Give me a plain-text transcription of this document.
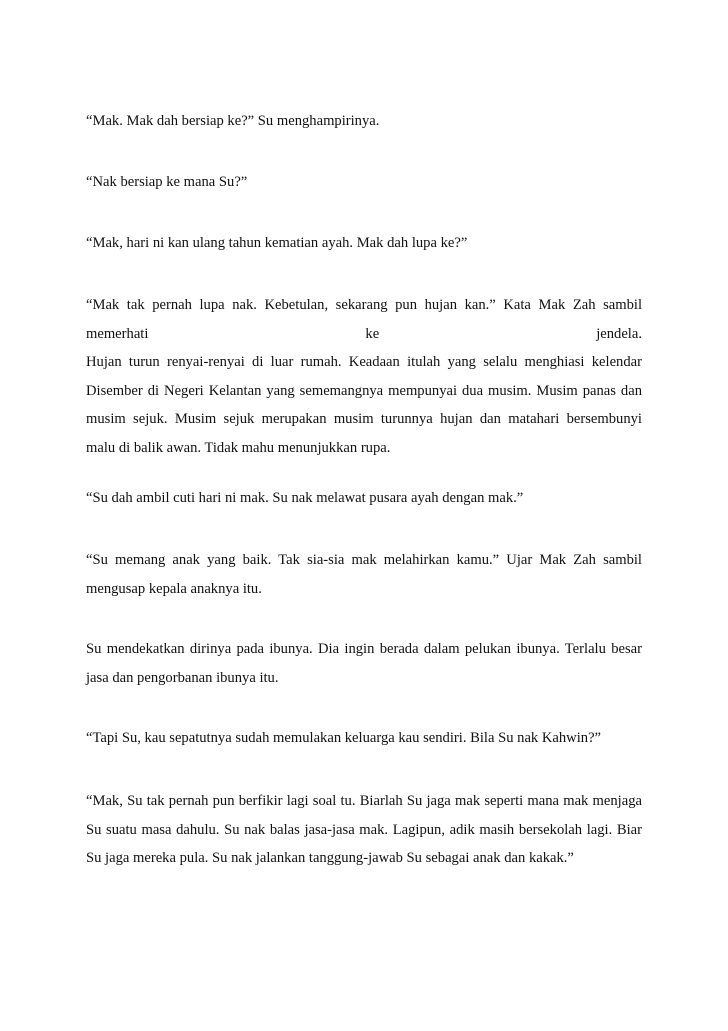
“Mak. Mak dah bersiap ke?” Su menghampirinya.

“Nak bersiap ke mana Su?”

“Mak, hari ni kan ulang tahun kematian ayah. Mak dah lupa ke?”

“Mak tak pernah lupa nak. Kebetulan, sekarang pun hujan kan.” Kata Mak Zah sambil
memerhati ke jendela.
Hujan turun renyai-renyai di luar rumah. Keadaan itulah yang selalu menghiasi kelendar
Disember di Negeri Kelantan yang sememangnya mempunyai dua musim. Musim panas dan
musim sejuk. Musim sejuk merupakan musim turunnya hujan dan matahari bersembunyi
malu di balik awan. Tidak mahu menunjukkan rupa.

“Su dah ambil cuti hari ni mak. Su nak melawat pusara ayah dengan mak.”

“Su memang anak yang baik. Tak sia-sia mak melahirkan kamu.” Ujar Mak Zah sambil
mengusap kepala anaknya itu.

Su mendekatkan dirinya pada ibunya. Dia ingin berada dalam pelukan ibunya. Terlalu besar
jasa dan pengorbanan ibunya itu.

“Tapi Su, kau sepatutnya sudah memulakan keluarga kau sendiri. Bila Su nak Kahwin?”

“Mak, Su tak pernah pun berfikir lagi soal tu. Biarlah Su jaga mak seperti mana mak menjaga
Su suatu masa dahulu. Su nak balas jasa-jasa mak. Lagipun, adik masih bersekolah lagi. Biar
Su jaga mereka pula. Su nak jalankan tanggung-jawab Su sebagai anak dan kakak.”
